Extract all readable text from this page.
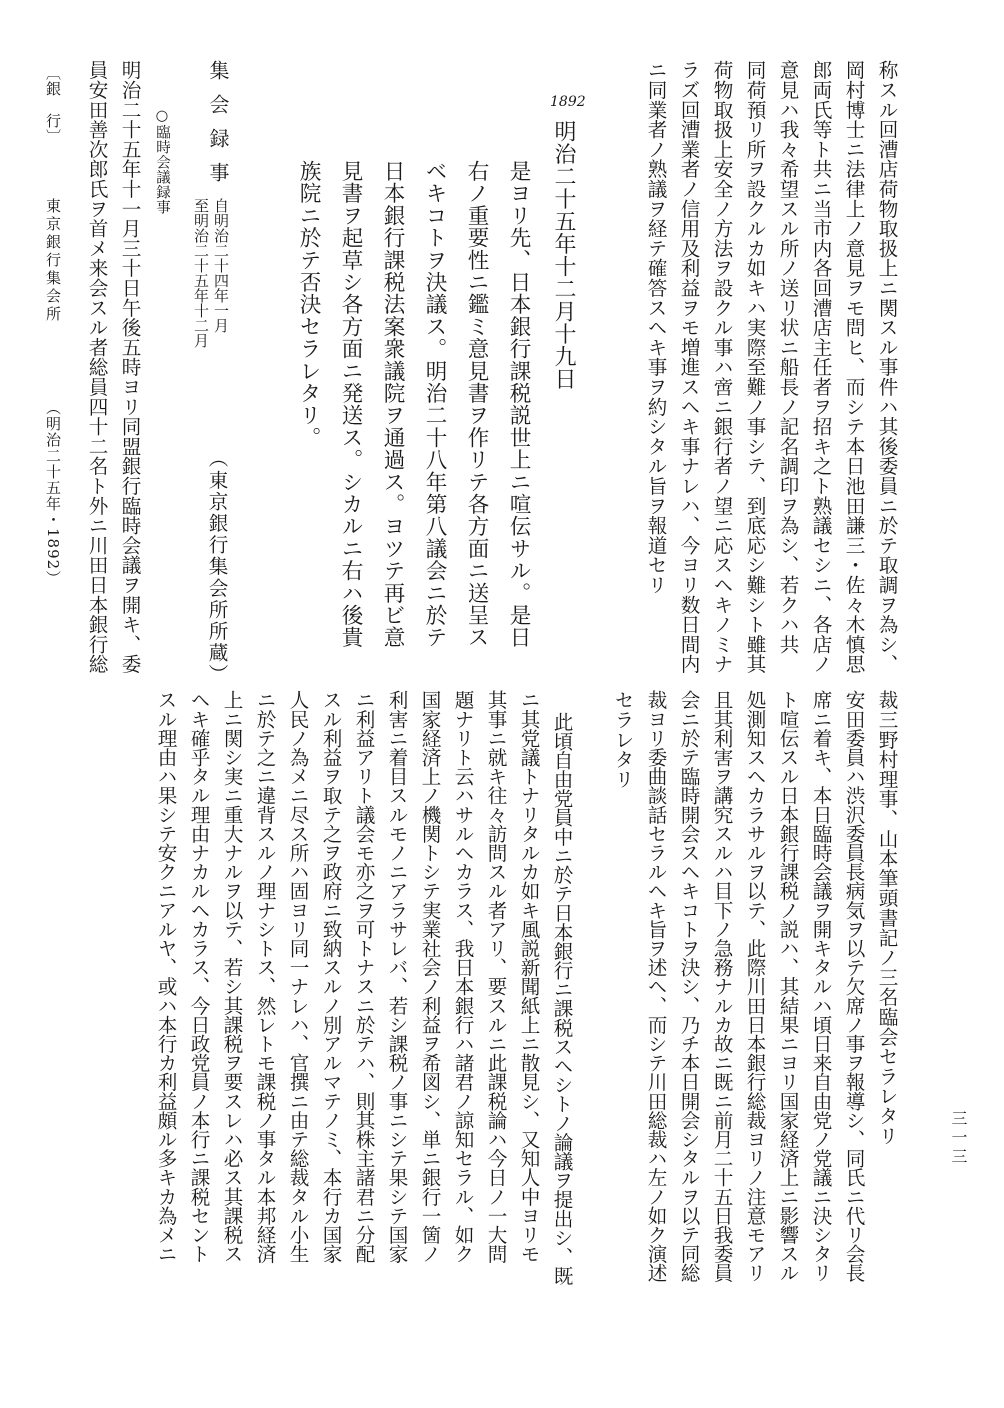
称スル回漕店荷物取扱上ニ関スル事件ハ其後委員ニ於テ取調ヲ為シ、
岡村博士ニ法律上ノ意見ヲモ問ヒ、而シテ本日池田謙三・佐々木慎思
郎両氏等ト共ニ当市内各回漕店主任者ヲ招キ之ト熟議セシニ、各店ノ
意見ハ我々希望スル所ノ送リ状ニ船長ノ記名調印ヲ為シ、若クハ共
同荷預リ所ヲ設クルカ如キハ実際至難ノ事シテ、到底応シ難シト雖其
荷物取扱上安全ノ方法ヲ設クル事ハ啻ニ銀行者ノ望ニ応スヘキノミナ
ラズ回漕業者ノ信用及利益ヲモ増進スヘキ事ナレハ、今ヨリ数日間内
ニ同業者ノ熟議ヲ経テ確答スヘキ事ヲ約シタル旨ヲ報道セリ
1892
明治二十五年十二月十九日
是ヨリ先、日本銀行課税説世上ニ喧伝サル。是日
右ノ重要性ニ鑑ミ意見書ヲ作リテ各方面ニ送呈ス
ベキコトヲ決議ス。明治二十八年第八議会ニ於テ
日本銀行課税法案衆議院ヲ通過ス。ヨツテ再ビ意
見書ヲ起草シ各方面ニ発送ス。シカルニ右ハ後貴
族院ニ於テ否決セラレタリ。
（東京銀行集会所所蔵）
集会録事
自明治二十四年一月
至明治二十五年十二月
○臨時会議録事
明治二十五年十一月三十日午後五時ヨリ同盟銀行臨時会議ヲ開キ、委
員安田善次郎氏ヲ首メ来会スル者総員四十二名ト外ニ川田日本銀行総
〔銀　行〕
東京銀行集会所
（明治二十五年・1892）
裁三野村理事、山本筆頭書記ノ三名臨会セラレタリ
安田委員ハ渋沢委員長病気ヲ以テ欠席ノ事ヲ報導シ、同氏ニ代リ会長
席ニ着キ、本日臨時会議ヲ開キタルハ頃日来自由党ノ党議ニ決シタリ
ト喧伝スル日本銀行課税ノ説ハ、其結果ニヨリ国家経済上ニ影響スル
処測知スヘカラサルヲ以テ、此際川田日本銀行総裁ヨリノ注意モアリ
且其利害ヲ講究スルハ目下ノ急務ナルカ故ニ既ニ前月二十五日我委員
会ニ於テ臨時開会スヘキコトヲ決シ、乃チ本日開会シタルヲ以テ同総
裁ヨリ委曲談話セラルヘキ旨ヲ述ヘ、而シテ川田総裁ハ左ノ如ク演述
セラレタリ
此頃自由党員中ニ於テ日本銀行ニ課税スヘシトノ論議ヲ提出シ、既
ニ其党議トナリタルカ如キ風説新聞紙上ニ散見シ、又知人中ヨリモ
其事ニ就キ往々訪問スル者アリ、要スルニ此課税論ハ今日ノ一大問
題ナリト云ハサルヘカラス、我日本銀行ハ諸君ノ諒知セラル、如ク
国家経済上ノ機関トシテ実業社会ノ利益ヲ希図シ、単ニ銀行一箇ノ
利害ニ着目スルモノニアラサレバ、若シ課税ノ事ニシテ果シテ国家
ニ利益アリト議会モ亦之ヲ可トナスニ於テハ、則其株主諸君ニ分配
スル利益ヲ取テ之ヲ政府ニ致納スルノ別アルマテノミ、本行カ国家
人民ノ為メニ尽ス所ハ固ヨリ同一ナレハ、官撰ニ由テ総裁タル小生
ニ於テ之ニ違背スルノ理ナシトス、然レトモ課税ノ事タル本邦経済
上ニ関シ実ニ重大ナルヲ以テ、若シ其課税ヲ要スレハ必ス其課税ス
ヘキ確乎タル理由ナカルヘカラス、今日政党員ノ本行ニ課税セント
スル理由ハ果シテ安クニアルヤ、或ハ本行カ利益頗ル多キカ為メニ	三一三
